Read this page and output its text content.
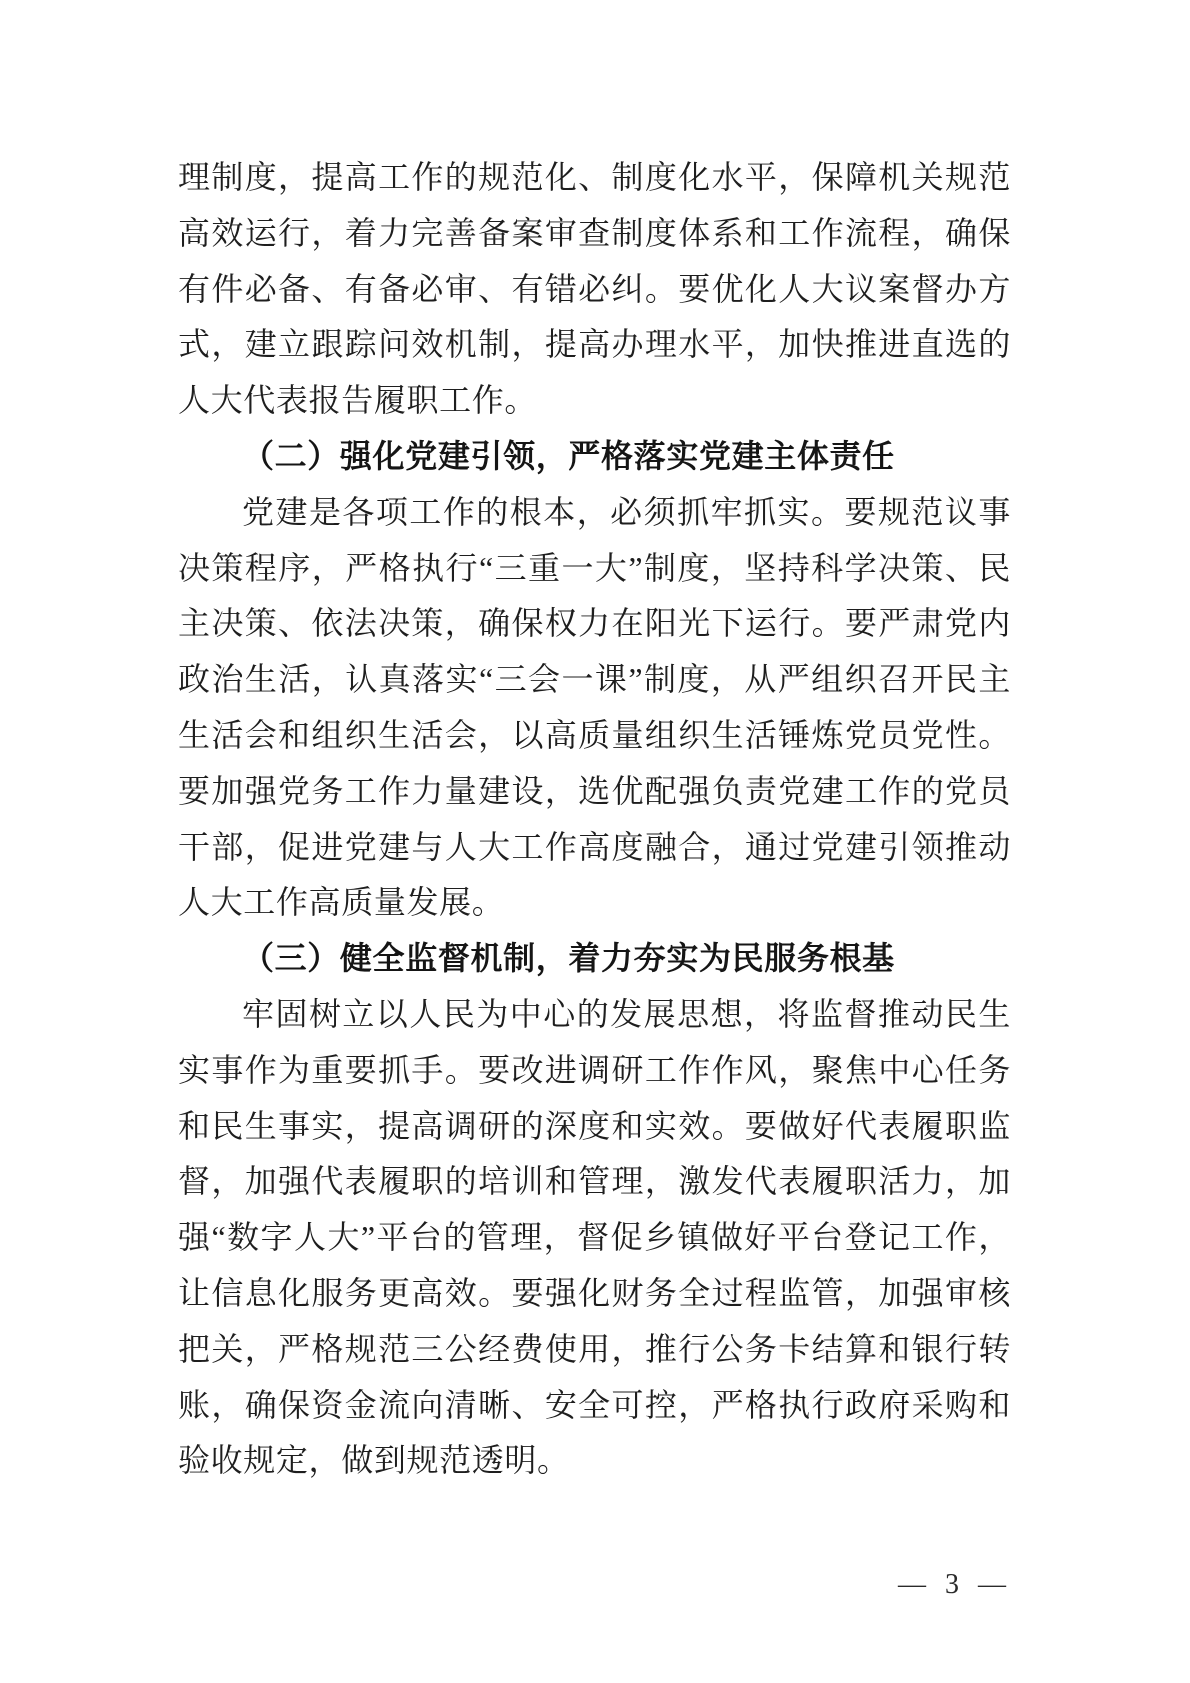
理制度，提高工作的规范化、制度化水平，保障机关规范高效运行，着力完善备案审查制度体系和工作流程，确保有件必备、有备必审、有错必纠。要优化人大议案督办方式，建立跟踪问效机制，提高办理水平，加快推进直选的人大代表报告履职工作。

（二）强化党建引领，严格落实党建主体责任

党建是各项工作的根本，必须抓牢抓实。要规范议事决策程序，严格执行“三重一大”制度，坚持科学决策、民主决策、依法决策，确保权力在阳光下运行。要严肃党内政治生活，认真落实“三会一课”制度，从严组织召开民主生活会和组织生活会，以高质量组织生活锤炼党员党性。要加强党务工作力量建设，选优配强负责党建工作的党员干部，促进党建与人大工作高度融合，通过党建引领推动人大工作高质量发展。

（三）健全监督机制，着力夯实为民服务根基

牢固树立以人民为中心的发展思想，将监督推动民生实事作为重要抓手。要改进调研工作作风，聚焦中心任务和民生事实，提高调研的深度和实效。要做好代表履职监督，加强代表履职的培训和管理，激发代表履职活力，加强“数字人大”平台的管理，督促乡镇做好平台登记工作，让信息化服务更高效。要强化财务全过程监管，加强审核把关，严格规范三公经费使用，推行公务卡结算和银行转账，确保资金流向清晰、安全可控，严格执行政府采购和验收规定，做到规范透明。

— 3 —
